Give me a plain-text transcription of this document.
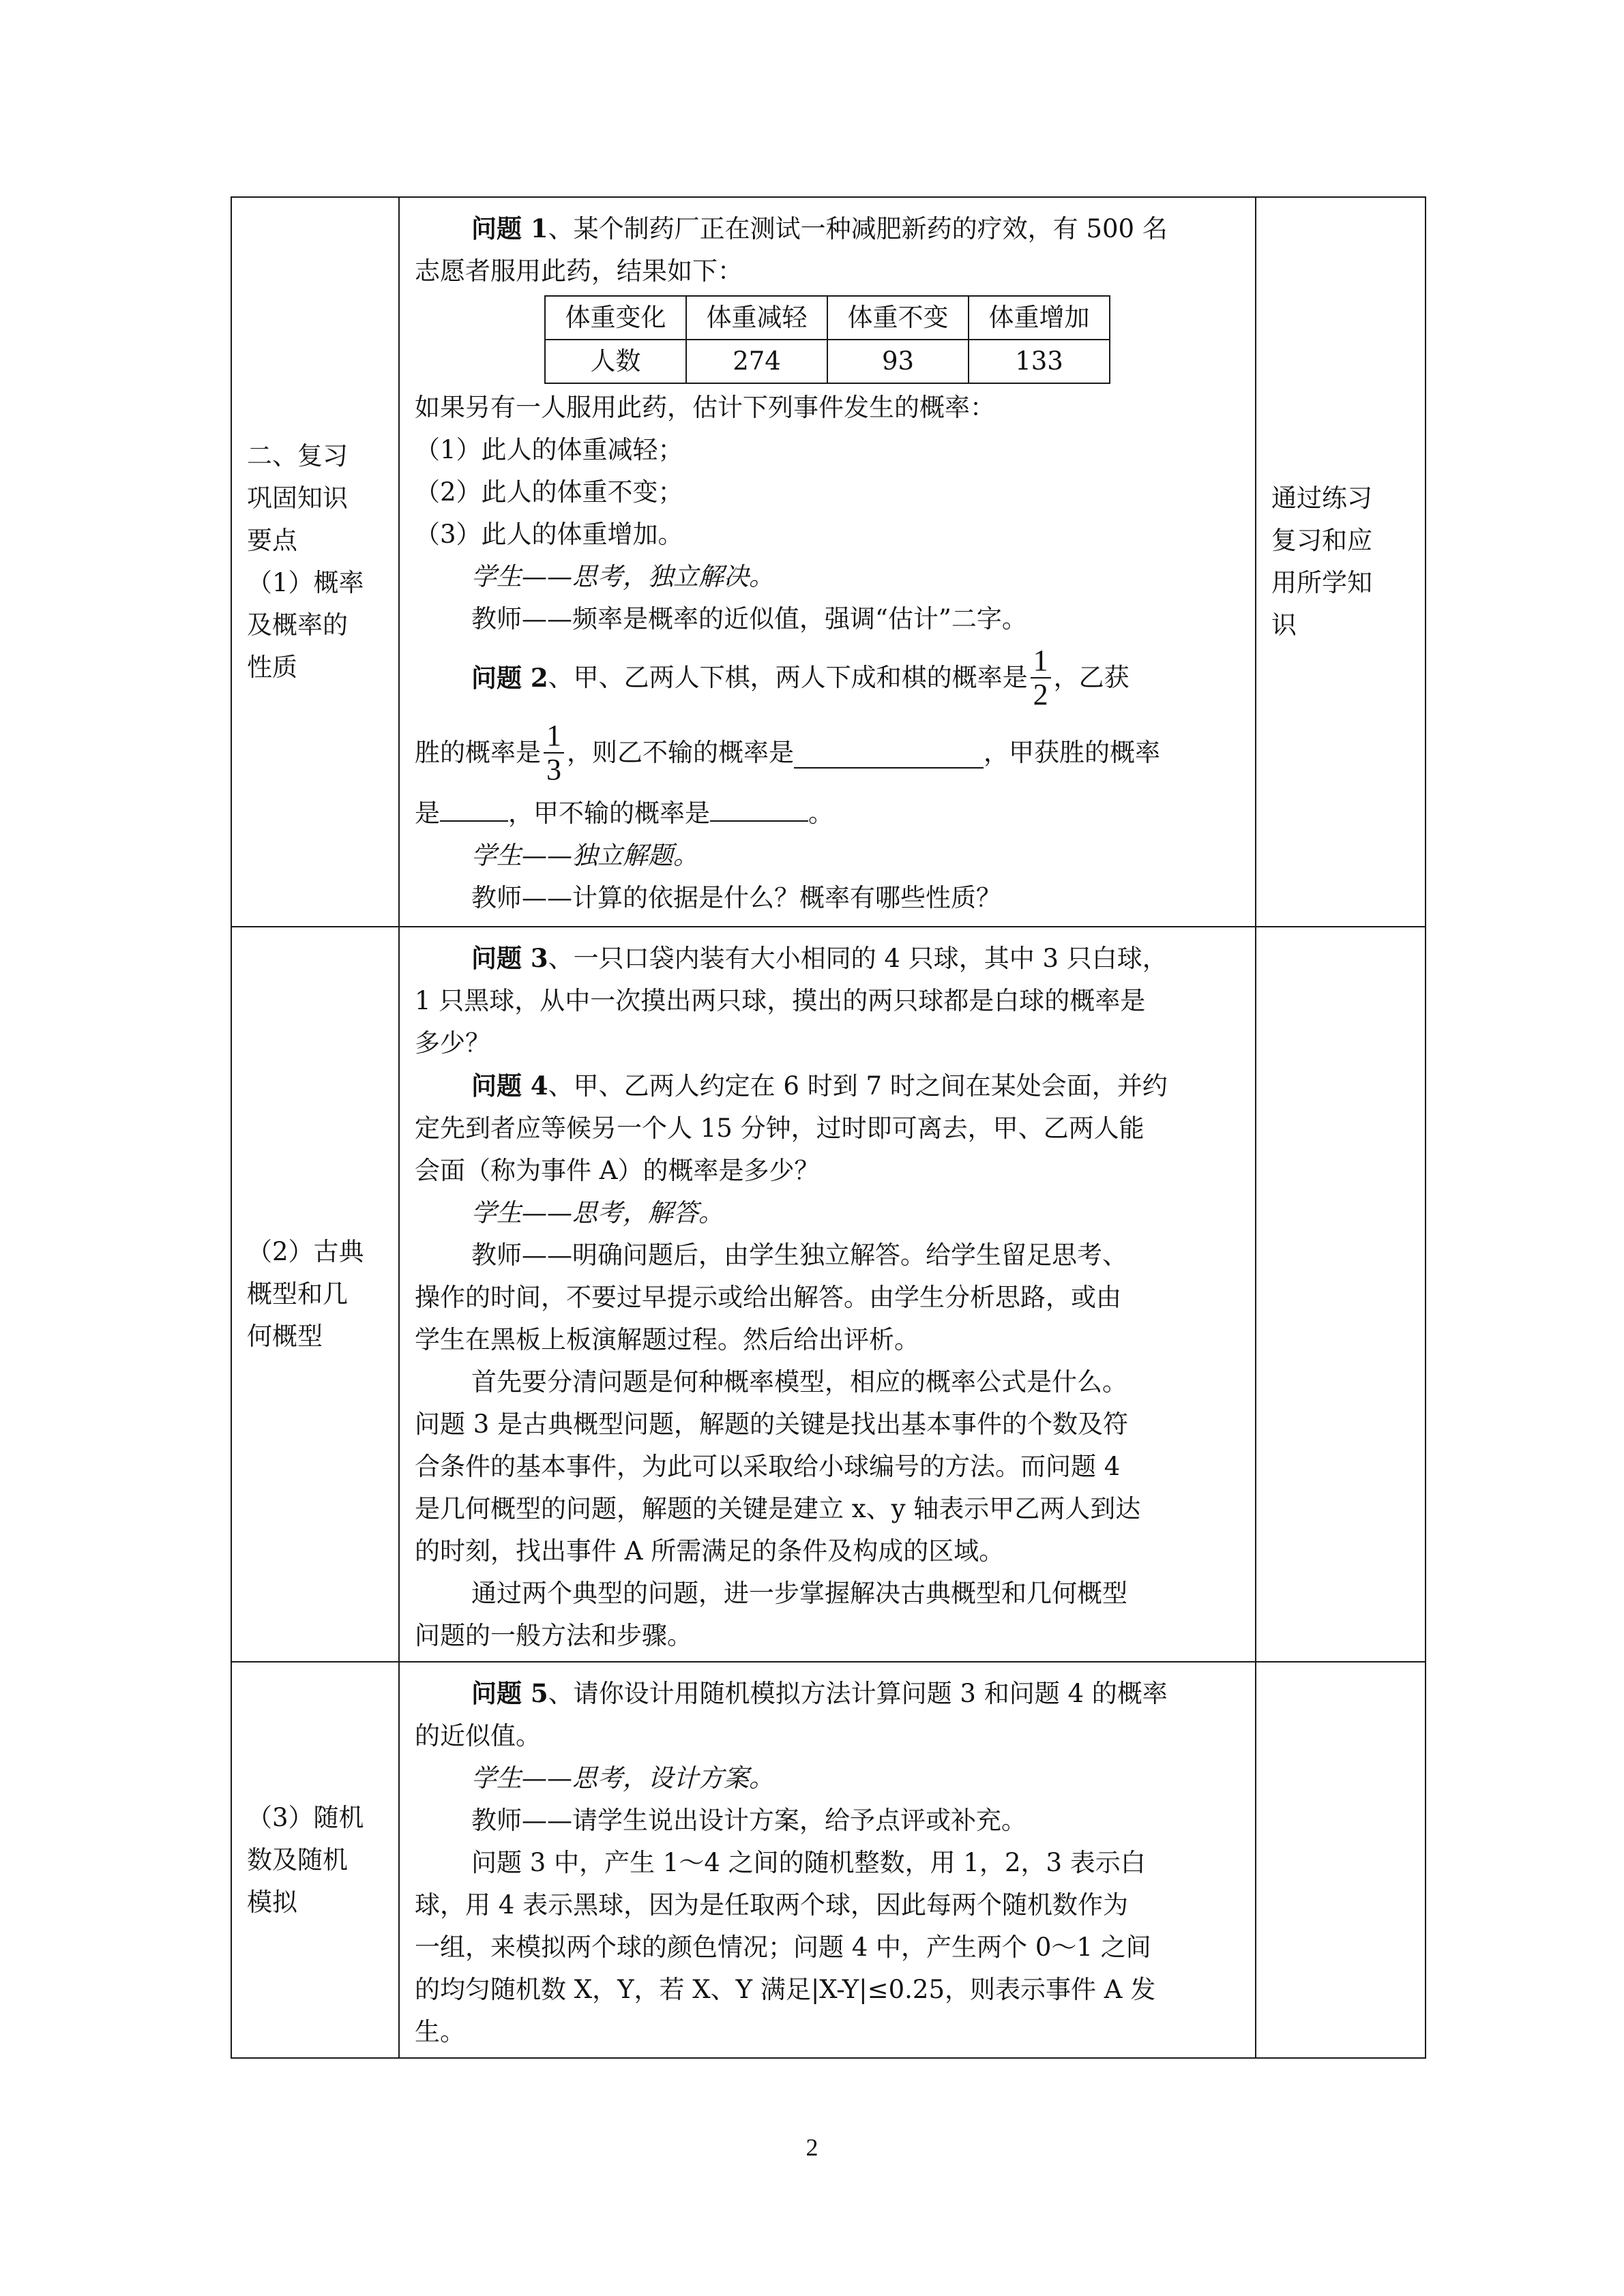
二、复习
巩固知识
要点
（1）概率
及概率的
性质

问题 1、某个制药厂正在测试一种减肥新药的疗效，有 500 名

志愿者服用此药，结果如下：

体重变化	体重减轻	体重不变	体重增加
人数	274	93	133

如果另有一人服用此药，估计下列事件发生的概率：

（1）此人的体重减轻；

（2）此人的体重不变；

（3）此人的体重增加。

学生——思考，独立解决。

教师——频率是概率的近似值，强调“估计”二字。

问题 2 、甲、乙两人下棋，两人下成和棋的概率是 $\frac{1}{2}$ ，乙获

胜的概率是 $\frac{1}{3}$ ，则乙不输的概率是	，甲获胜的概率

是	，甲不输的概率是	。

学生——独立解题。

教师——计算的依据是什么？概率有哪些性质？

通过练习
复习和应
用所学知
识

（2）古典
概型和几
何概型

问题 3、一只口袋内装有大小相同的 4 只球，其中 3 只白球，

1 只黑球，从中一次摸出两只球，摸出的两只球都是白球的概率是

多少？

问题 4、甲、乙两人约定在 6 时到 7 时之间在某处会面，并约

定先到者应等候另一个人 15 分钟，过时即可离去，甲、乙两人能

会面（称为事件 A）的概率是多少？

学生——思考，解答。

教师——明确问题后，由学生独立解答。给学生留足思考、

操作的时间，不要过早提示或给出解答。由学生分析思路，或由

学生在黑板上板演解题过程。然后给出评析。

首先要分清问题是何种概率模型，相应的概率公式是什么。

问题 3 是古典概型问题，解题的关键是找出基本事件的个数及符

合条件的基本事件，为此可以采取给小球编号的方法。而问题 4

是几何概型的问题，解题的关键是建立 x、y 轴表示甲乙两人到达

的时刻，找出事件 A 所需满足的条件及构成的区域。

通过两个典型的问题，进一步掌握解决古典概型和几何概型

问题的一般方法和步骤。

（3）随机
数及随机
模拟

问题 5、请你设计用随机模拟方法计算问题 3 和问题 4 的概率

的近似值。

学生——思考，设计方案。

教师——请学生说出设计方案，给予点评或补充。

问题 3 中，产生 1～4 之间的随机整数，用 1，2，3 表示白

球，用 4 表示黑球，因为是任取两个球，因此每两个随机数作为

一组，来模拟两个球的颜色情况；问题 4 中，产生两个 0～1 之间

的均匀随机数 X，Y，若 X、Y 满足|X-Y|≤0.25，则表示事件 A 发

生。

2
